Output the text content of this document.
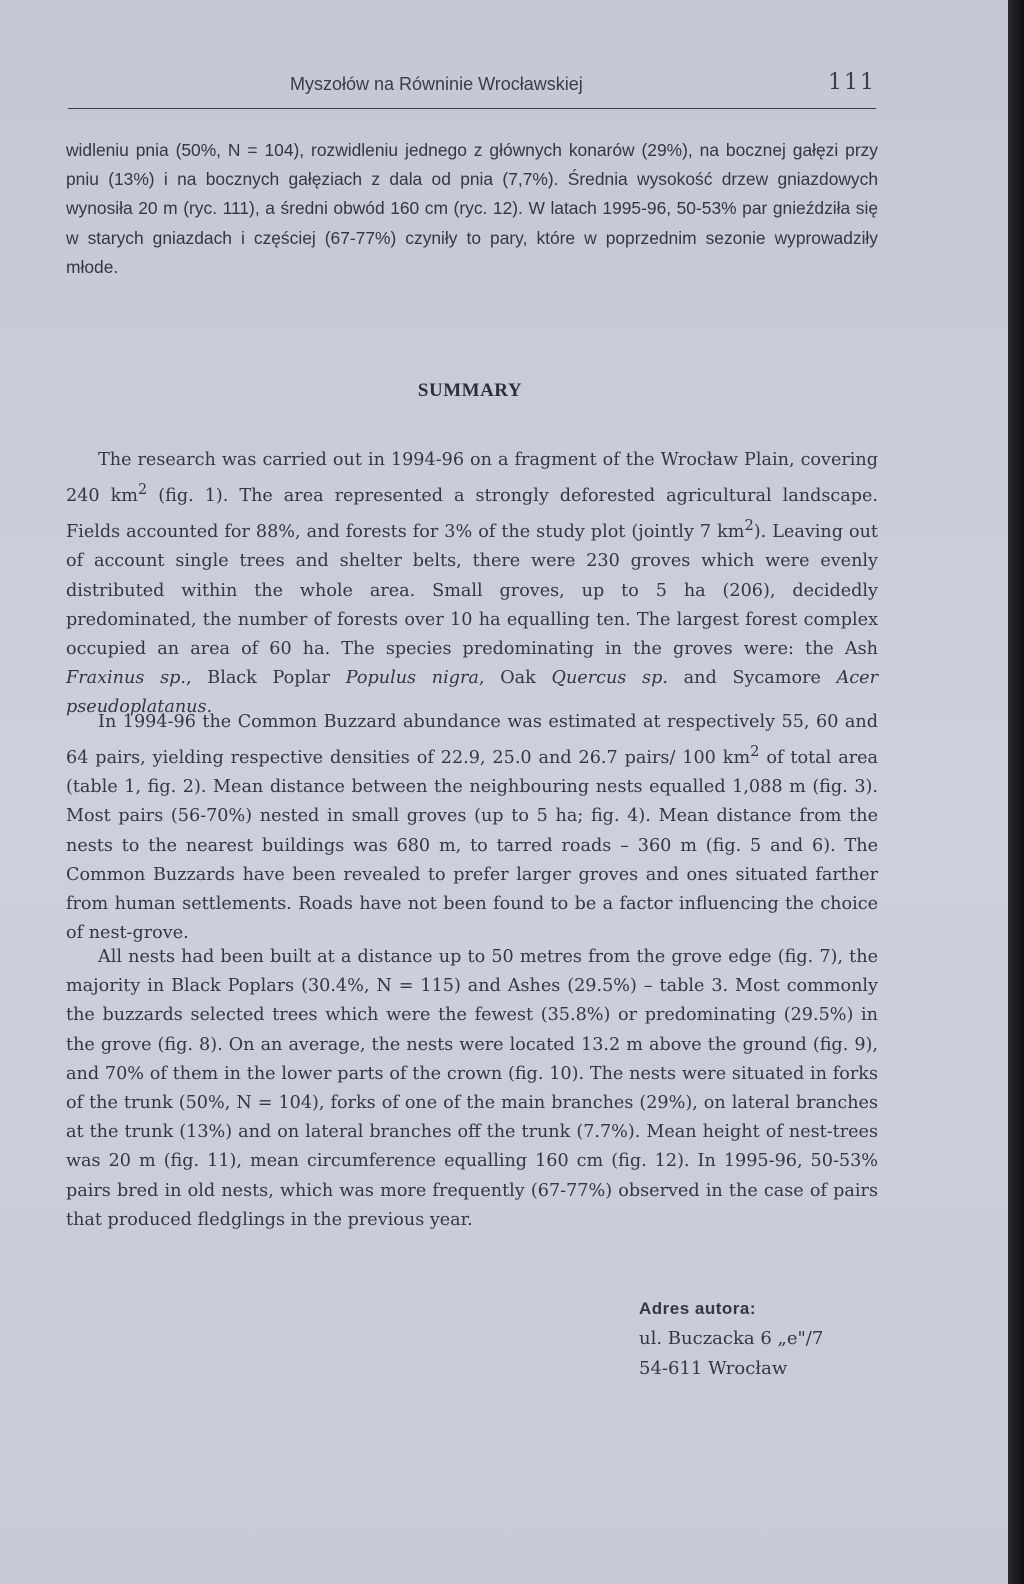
Myszołów na Równinie Wrocławskiej	111

widleniu pnia (50%, N = 104), rozwidleniu jednego z głównych konarów (29%), na bocznej gałęzi przy pniu (13%) i na bocznych gałęziach z dala od pnia (7,7%). Średnia wysokość drzew gniazdowych wynosiła 20 m (ryc. 111), a średni obwód 160 cm (ryc. 12). W latach 1995-96, 50-53% par gnieździła się w starych gniazdach i częściej (67-77%) czyniły to pary, które w poprzednim sezonie wyprowadziły młode.

SUMMARY

The research was carried out in 1994-96 on a fragment of the Wrocław Plain, covering 240 $km^2$ (fig. 1). The area represented a strongly deforested agricultural landscape. Fields accounted for 88%, and forests for 3% of the study plot (jointly 7 $km^2$). Leaving out of account single trees and shelter belts, there were 230 groves which were evenly distributed within the whole area. Small groves, up to 5 ha (206), decidedly predominated, the number of forests over 10 ha equalling ten. The largest forest complex occupied an area of 60 ha. The species predominating in the groves were: the Ash Fraxinus sp., Black Poplar Populus nigra, Oak Quercus sp. and Sycamore Acer pseudoplatanus.

In 1994-96 the Common Buzzard abundance was estimated at respectively 55, 60 and 64 pairs, yielding respective densities of 22.9, 25.0 and 26.7 pairs/ 100 $km^2$ of total area (table 1, fig. 2). Mean distance between the neighbouring nests equalled 1,088 m (fig. 3). Most pairs (56-70%) nested in small groves (up to 5 ha; fig. 4). Mean distance from the nests to the nearest buildings was 680 m, to tarred roads – 360 m (fig. 5 and 6). The Common Buzzards have been revealed to prefer larger groves and ones situated farther from human settlements. Roads have not been found to be a factor influencing the choice of nest-grove.

All nests had been built at a distance up to 50 metres from the grove edge (fig. 7), the majority in Black Poplars (30.4%, N = 115) and Ashes (29.5%) – table 3. Most commonly the buzzards selected trees which were the fewest (35.8%) or predominating (29.5%) in the grove (fig. 8). On an average, the nests were located 13.2 m above the ground (fig. 9), and 70% of them in the lower parts of the crown (fig. 10). The nests were situated in forks of the trunk (50%, N = 104), forks of one of the main branches (29%), on lateral branches at the trunk (13%) and on lateral branches off the trunk (7.7%). Mean height of nest-trees was 20 m (fig. 11), mean circumference equalling 160 cm (fig. 12). In 1995-96, 50-53% pairs bred in old nests, which was more frequently (67-77%) observed in the case of pairs that produced fledglings in the previous year.

Adres autora:
ul. Buczacka 6 „e"/7
54-611 Wrocław
